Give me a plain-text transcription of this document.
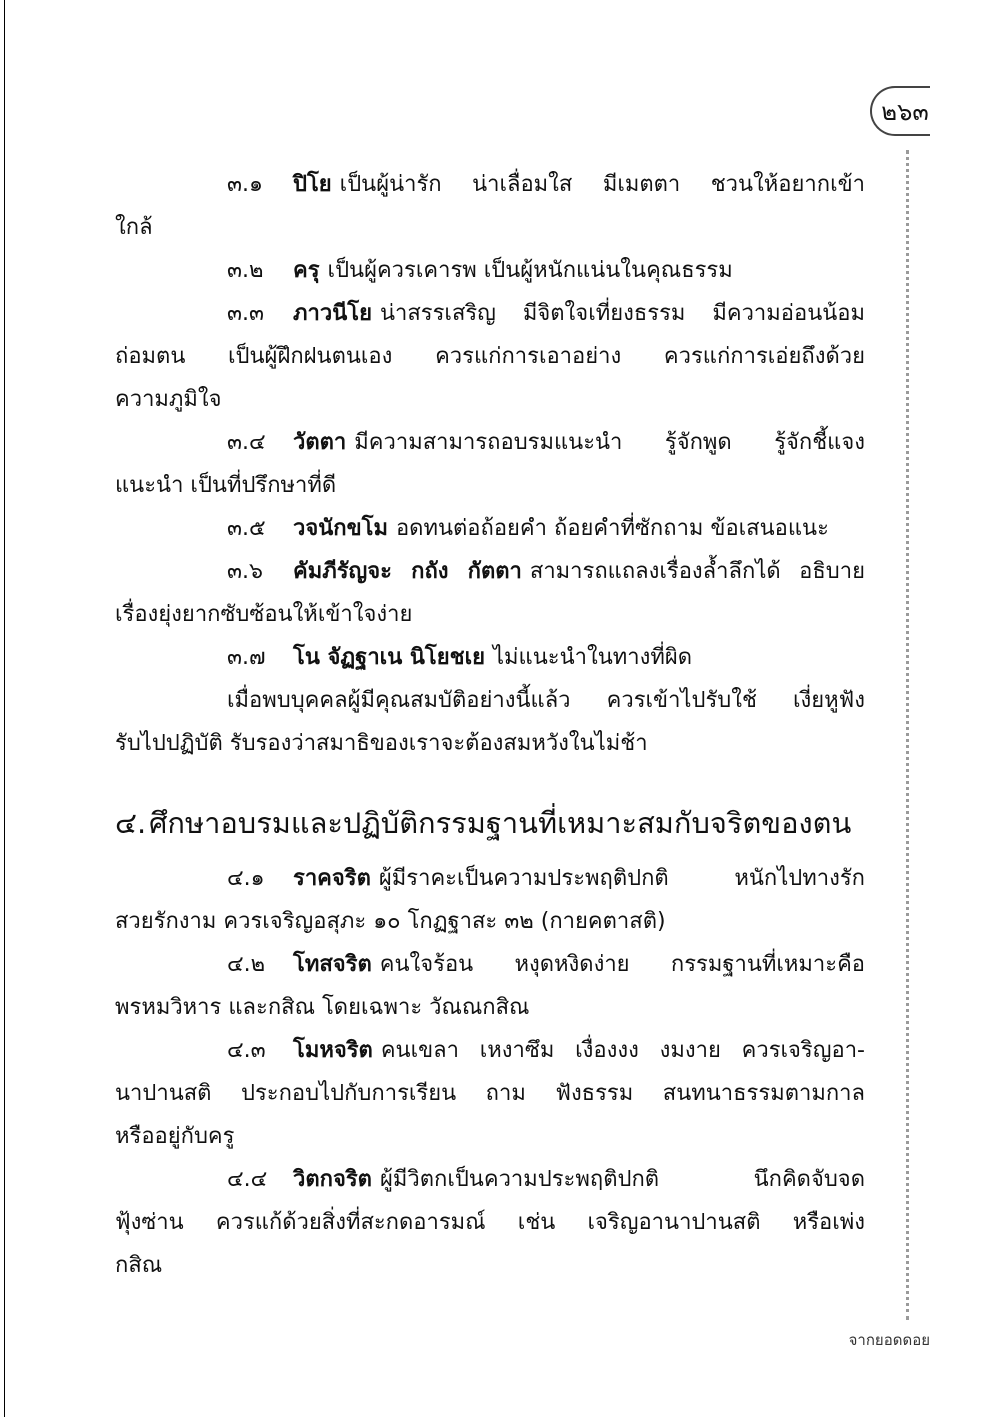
๒๖๓
๓.๑ ปิโย เป็นผู้น่ารัก น่าเลื่อมใส มีเมตตา ชวนให้อยากเข้า
ใกล้
๓.๒ ครุ เป็นผู้ควรเคารพ เป็นผู้หนักแน่นในคุณธรรม
๓.๓ ภาวนีโย น่าสรรเสริญ มีจิตใจเที่ยงธรรม มีความอ่อนน้อม
ถ่อมตน เป็นผู้ฝึกฝนตนเอง ควรแก่การเอาอย่าง ควรแก่การเอ่ยถึงด้วย
ความภูมิใจ
๓.๔ วัตตา มีความสามารถอบรมแนะนำ รู้จักพูด รู้จักชี้แจง
แนะนำ เป็นที่ปรึกษาที่ดี
๓.๕ วจนักขโม อดทนต่อถ้อยคำ ถ้อยคำที่ซักถาม ข้อเสนอแนะ
๓.๖ คัมภีรัญจะ กถัง กัตตา สามารถแถลงเรื่องล้ำลึกได้ อธิบาย
เรื่องยุ่งยากซับซ้อนให้เข้าใจง่าย
๓.๗ โน จัฏฐาเน นิโยชเย ไม่แนะนำในทางที่ผิด
เมื่อพบบุคคลผู้มีคุณสมบัติอย่างนี้แล้ว ควรเข้าไปรับใช้ เงี่ยหูฟัง
รับไปปฏิบัติ รับรองว่าสมาธิของเราจะต้องสมหวังในไม่ช้า
๔.ศึกษาอบรมและปฏิบัติกรรมฐานที่เหมาะสมกับจริตของตน
๔.๑ ราคจริต ผู้มีราคะเป็นความประพฤติปกติ หนักไปทางรัก
สวยรักงาม ควรเจริญอสุภะ ๑๐ โกฏฐาสะ ๓๒ (กายคตาสติ)
๔.๒ โทสจริต คนใจร้อน หงุดหงิดง่าย กรรมฐานที่เหมาะคือ
พรหมวิหาร และกสิณ โดยเฉพาะ วัณณกสิณ
๔.๓ โมหจริต คนเขลา เหงาซึม เงื่องงง งมงาย ควรเจริญอา-
นาปานสติ ประกอบไปกับการเรียน ถาม ฟังธรรม สนทนาธรรมตามกาล
หรืออยู่กับครู
๔.๔ วิตกจริต ผู้มีวิตกเป็นความประพฤติปกติ นึกคิดจับจด
ฟุ้งซ่าน ควรแก้ด้วยสิ่งที่สะกดอารมณ์ เช่น เจริญอานาปานสติ หรือเพ่ง
กสิณ
จากยอดดอย
